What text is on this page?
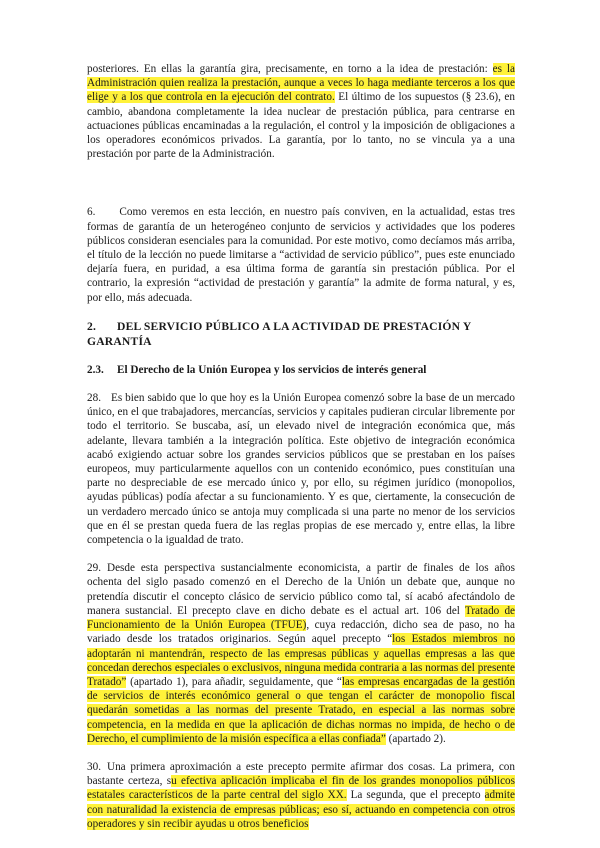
posteriores. En ellas la garantía gira, precisamente, en torno a la idea de prestación: es la Administración quien realiza la prestación, aunque a veces lo haga mediante terceros a los que elige y a los que controla en la ejecución del contrato. El último de los supuestos (§ 23.6), en cambio, abandona completamente la idea nuclear de prestación pública, para centrarse en actuaciones públicas encaminadas a la regulación, el control y la imposición de obligaciones a los operadores económicos privados. La garantía, por lo tanto, no se vincula ya a una prestación por parte de la Administración.

6. Como veremos en esta lección, en nuestro país conviven, en la actualidad, estas tres formas de garantía de un heterogéneo conjunto de servicios y actividades que los poderes públicos consideran esenciales para la comunidad. Por este motivo, como decíamos más arriba, el título de la lección no puede limitarse a “actividad de servicio público”, pues este enunciado dejaría fuera, en puridad, a esa última forma de garantía sin prestación pública. Por el contrario, la expresión “actividad de prestación y garantía” la admite de forma natural, y es, por ello, más adecuada.

2. DEL SERVICIO PÚBLICO A LA ACTIVIDAD DE PRESTACIÓN Y GARANTÍA

2.3. El Derecho de la Unión Europea y los servicios de interés general

28. Es bien sabido que lo que hoy es la Unión Europea comenzó sobre la base de un mercado único, en el que trabajadores, mercancías, servicios y capitales pudieran circular libremente por todo el territorio. Se buscaba, así, un elevado nivel de integración económica que, más adelante, llevara también a la integración política. Este objetivo de integración económica acabó exigiendo actuar sobre los grandes servicios públicos que se prestaban en los países europeos, muy particularmente aquellos con un contenido económico, pues constituían una parte no despreciable de ese mercado único y, por ello, su régimen jurídico (monopolios, ayudas públicas) podía afectar a su funcionamiento. Y es que, ciertamente, la consecución de un verdadero mercado único se antoja muy complicada si una parte no menor de los servicios que en él se prestan queda fuera de las reglas propias de ese mercado y, entre ellas, la libre competencia o la igualdad de trato.

29. Desde esta perspectiva sustancialmente economicista, a partir de finales de los años ochenta del siglo pasado comenzó en el Derecho de la Unión un debate que, aunque no pretendía discutir el concepto clásico de servicio público como tal, sí acabó afectándolo de manera sustancial. El precepto clave en dicho debate es el actual art. 106 del Tratado de Funcionamiento de la Unión Europea (TFUE), cuya redacción, dicho sea de paso, no ha variado desde los tratados originarios. Según aquel precepto “los Estados miembros no adoptarán ni mantendrán, respecto de las empresas públicas y aquellas empresas a las que concedan derechos especiales o exclusivos, ninguna medida contraria a las normas del presente Tratado” (apartado 1), para añadir, seguidamente, que “las empresas encargadas de la gestión de servicios de interés económico general o que tengan el carácter de monopolio fiscal quedarán sometidas a las normas del presente Tratado, en especial a las normas sobre competencia, en la medida en que la aplicación de dichas normas no impida, de hecho o de Derecho, el cumplimiento de la misión específica a ellas confiada” (apartado 2).

30. Una primera aproximación a este precepto permite afirmar dos cosas. La primera, con bastante certeza, su efectiva aplicación implicaba el fin de los grandes monopolios públicos estatales característicos de la parte central del siglo XX. La segunda, que el precepto admite con naturalidad la existencia de empresas públicas; eso sí, actuando en competencia con otros operadores y sin recibir ayudas u otros beneficios
